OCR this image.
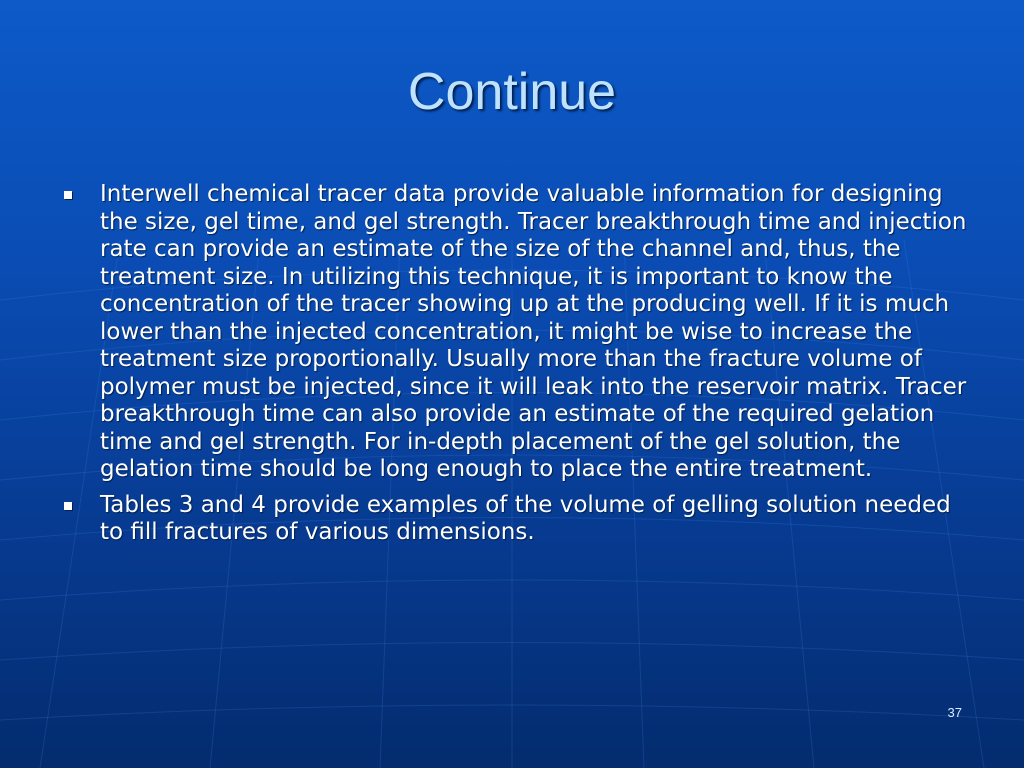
Continue
Interwell chemical tracer data provide valuable information for designing the size, gel time, and gel strength. Tracer breakthrough time and injection rate can provide an estimate of the size of the channel and, thus, the treatment size. In utilizing this technique, it is important to know the concentration of the tracer showing up at the producing well. If it is much lower than the injected concentration, it might be wise to increase the treatment size proportionally. Usually more than the fracture volume of polymer must be injected, since it will leak into the reservoir matrix. Tracer breakthrough time can also provide an estimate of the required gelation time and gel strength. For in-depth placement of the gel solution, the gelation time should be long enough to place the entire treatment.
Tables 3 and 4 provide examples of the volume of gelling solution needed to fill fractures of various dimensions.
37
